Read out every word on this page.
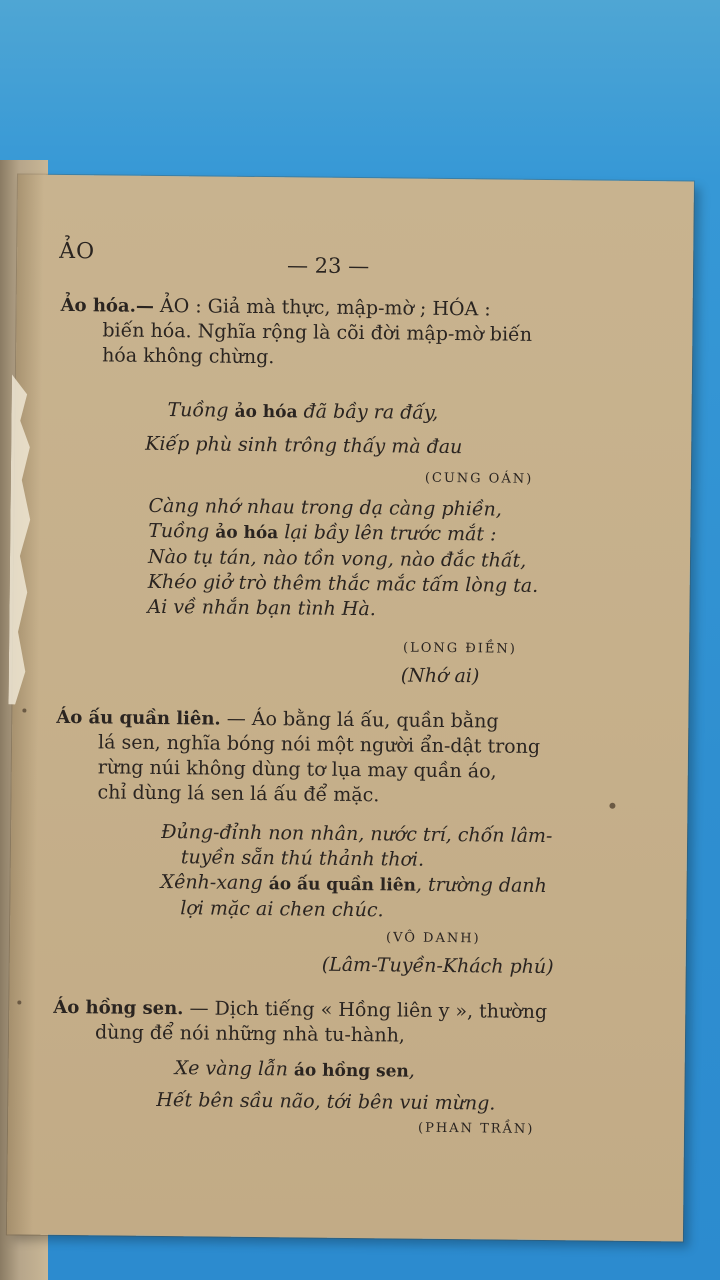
ẢO
— 23 —
Ảo hóa.— ẢO : Giả mà thực, mập-mờ ; HÓA :
biến hóa. Nghĩa rộng là cõi đời mập-mờ biến
hóa không chừng.
Tuồng ảo hóa đã bầy ra đấy,
Kiếp phù sinh trông thấy mà đau
(CUNG OÁN)
Càng nhớ nhau trong dạ càng phiền,
Tuồng ảo hóa lại bầy lên trước mắt :
Nào tụ tán, nào tồn vong, nào đắc thất,
Khéo giở trò thêm thắc mắc tấm lòng ta.
Ai về nhắn bạn tình Hà.
(LONG ĐIỀN)
(Nhớ ai)
Áo ấu quần liên. — Áo bằng lá ấu, quần bằng
lá sen, nghĩa bóng nói một người ẩn-dật trong
rừng núi không dùng tơ lụa may quần áo,
chỉ dùng lá sen lá ấu để mặc.
Đủng-đỉnh non nhân, nước trí, chốn lâm-
tuyền sẵn thú thảnh thơi.
Xênh-xang áo ấu quần liên, trường danh
lợi mặc ai chen chúc.
(VÔ DANH)
(Lâm-Tuyền-Khách phú)
Áo hồng sen. — Dịch tiếng « Hồng liên y », thường
dùng để nói những nhà tu-hành,
Xe vàng lẫn áo hồng sen,
Hết bên sầu não, tới bên vui mừng.
(PHAN TRẦN)
